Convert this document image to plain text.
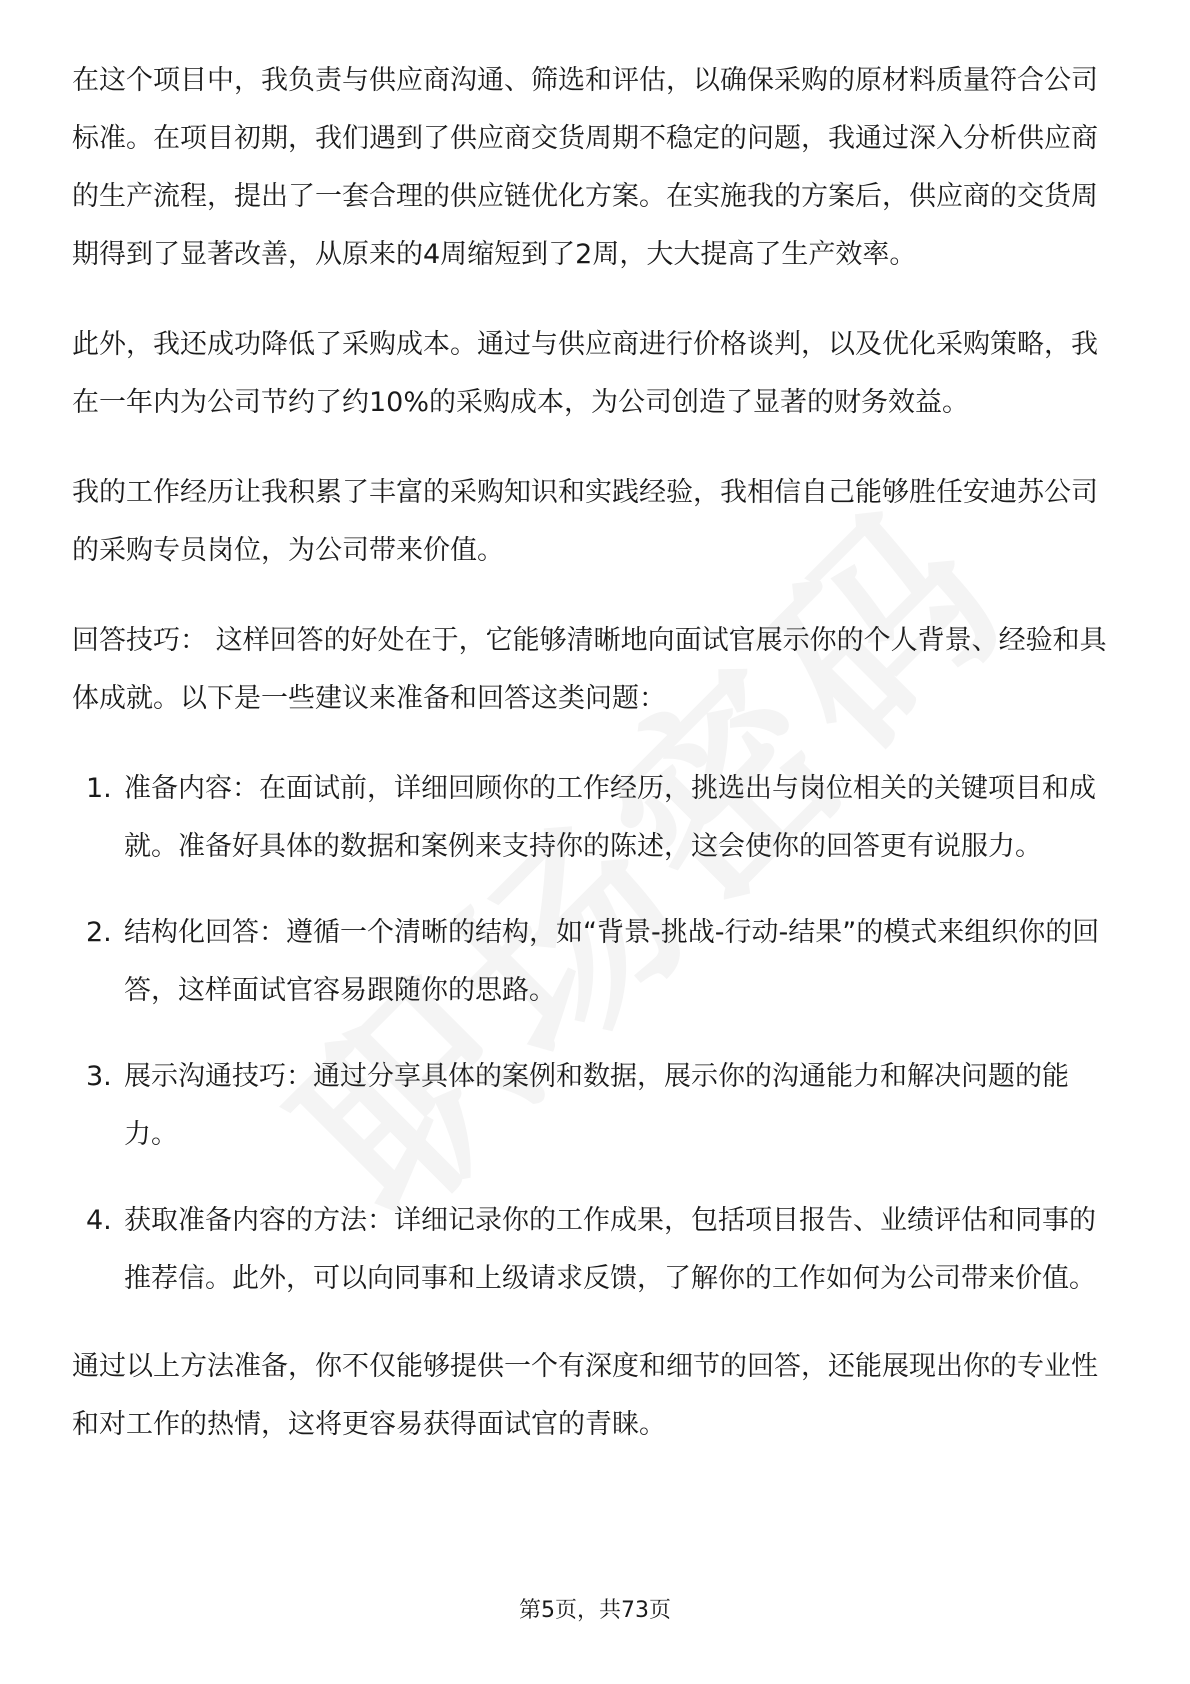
在这个项目中，我负责与供应商沟通、筛选和评估，以确保采购的原材料质量符合公司标准。在项目初期，我们遇到了供应商交货周期不稳定的问题，我通过深入分析供应商的生产流程，提出了一套合理的供应链优化方案。在实施我的方案后，供应商的交货周期得到了显著改善，从原来的4周缩短到了2周，大大提高了生产效率。

此外，我还成功降低了采购成本。通过与供应商进行价格谈判，以及优化采购策略，我在一年内为公司节约了约10%的采购成本，为公司创造了显著的财务效益。

我的工作经历让我积累了丰富的采购知识和实践经验，我相信自己能够胜任安迪苏公司的采购专员岗位，为公司带来价值。

回答技巧： 这样回答的好处在于，它能够清晰地向面试官展示你的个人背景、经验和具体成就。以下是一些建议来准备和回答这类问题：

1. 准备内容：在面试前，详细回顾你的工作经历，挑选出与岗位相关的关键项目和成就。准备好具体的数据和案例来支持你的陈述，这会使你的回答更有说服力。
2. 结构化回答：遵循一个清晰的结构，如“背景-挑战-行动-结果”的模式来组织你的回答，这样面试官容易跟随你的思路。
3. 展示沟通技巧：通过分享具体的案例和数据，展示你的沟通能力和解决问题的能力。
4. 获取准备内容的方法：详细记录你的工作成果，包括项目报告、业绩评估和同事的推荐信。此外，可以向同事和上级请求反馈，了解你的工作如何为公司带来价值。

通过以上方法准备，你不仅能够提供一个有深度和细节的回答，还能展现出你的专业性和对工作的热情，这将更容易获得面试官的青睐。

第5页，共73页
